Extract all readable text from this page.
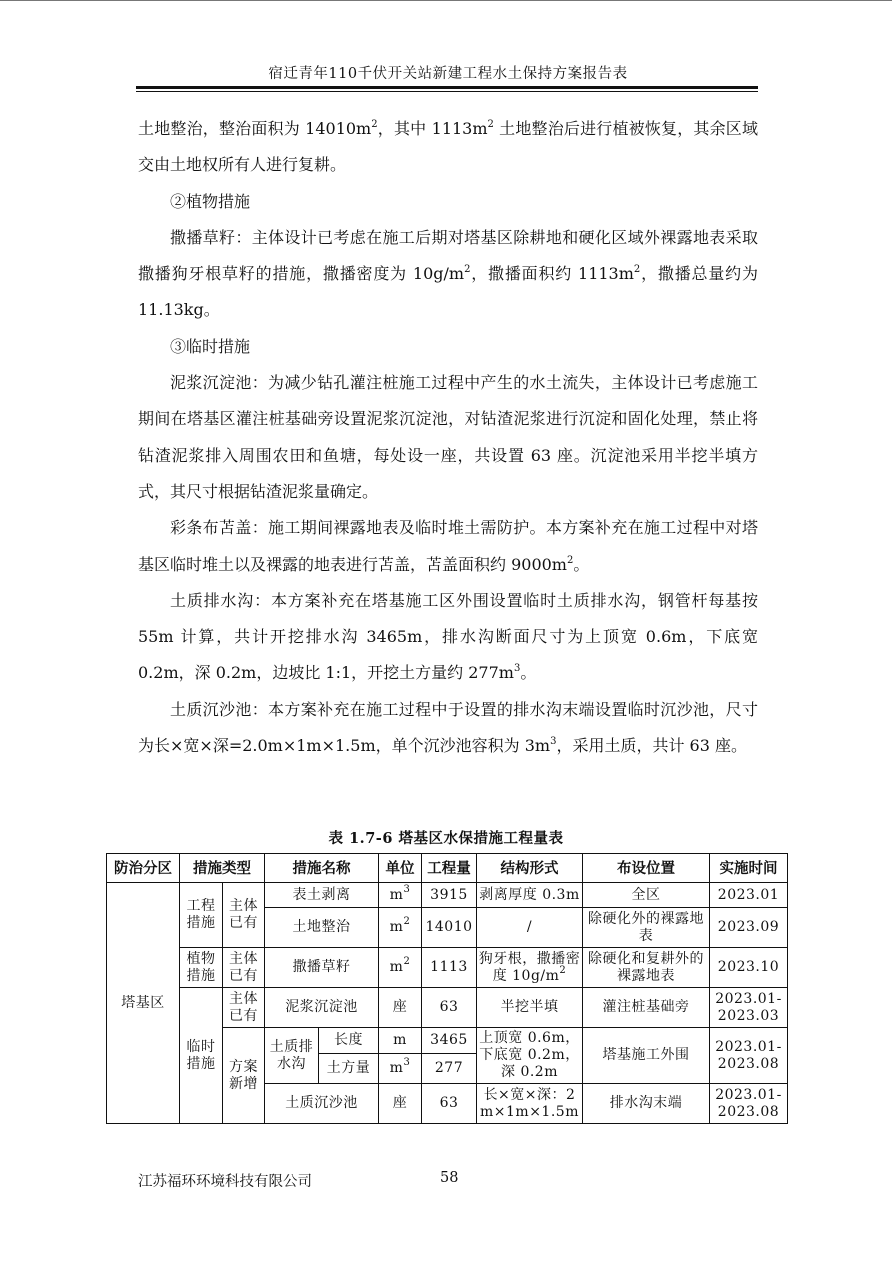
宿迁青年110千伏开关站新建工程水土保持方案报告表

土地整治，整治面积为 $14010m^2$，其中 $1113m^2$ 土地整治后进行植被恢复，其余区域交由土地权所有人进行复耕。

②植物措施

撒播草籽：主体设计已考虑在施工后期对塔基区除耕地和硬化区域外裸露地表采取撒播狗牙根草籽的措施，撒播密度为 $10g/m^2$，撒播面积约 $1113m^2$，撒播总量约为 11.13kg。

③临时措施

泥浆沉淀池：为减少钻孔灌注桩施工过程中产生的水土流失，主体设计已考虑施工期间在塔基区灌注桩基础旁设置泥浆沉淀池，对钻渣泥浆进行沉淀和固化处理，禁止将钻渣泥浆排入周围农田和鱼塘，每处设一座，共设置 63 座。沉淀池采用半挖半填方式，其尺寸根据钻渣泥浆量确定。

彩条布苫盖：施工期间裸露地表及临时堆土需防护。本方案补充在施工过程中对塔基区临时堆土以及裸露的地表进行苫盖，苫盖面积约 $9000m^2$。

土质排水沟：本方案补充在塔基施工区外围设置临时土质排水沟，钢管杆每基按 55m 计算，共计开挖排水沟 3465m，排水沟断面尺寸为上顶宽 0.6m，下底宽 0.2m，深 0.2m，边坡比 1:1，开挖土方量约 $277m^3$。

土质沉沙池：本方案补充在施工过程中于设置的排水沟末端设置临时沉沙池，尺寸为长×宽×深=2.0m×1m×1.5m，单个沉沙池容积为 $3m^3$，采用土质，共计 63 座。

表 1.7-6 塔基区水保措施工程量表
防治分区	措施类型		措施名称		单位	工程量	结构形式	布设位置	实施时间
塔基区	工程措施	主体已有	表土剥离		$m^3$	3915	剥离厚度 0.3m	全区	2023.01
			土地整治		$m^2$	14010	/	除硬化外的裸露地表	2023.09
	植物措施	主体已有	撒播草籽		$m^2$	1113	狗牙根，撒播密度 $10g/m^2$	除硬化和复耕外的裸露地表	2023.10
	临时措施	主体已有	泥浆沉淀池		座	63	半挖半填	灌注桩基础旁	2023.01-2023.03
		方案新增	土质排水沟	长度	m	3465	上顶宽 0.6m，下底宽 0.2m，深 0.2m	塔基施工外围	2023.01-2023.08
				土方量	$m^3$	277			
			土质沉沙池		座	63	长×宽×深：2m×1m×1.5m	排水沟末端	2023.01-2023.08
江苏福环环境科技有限公司	58
